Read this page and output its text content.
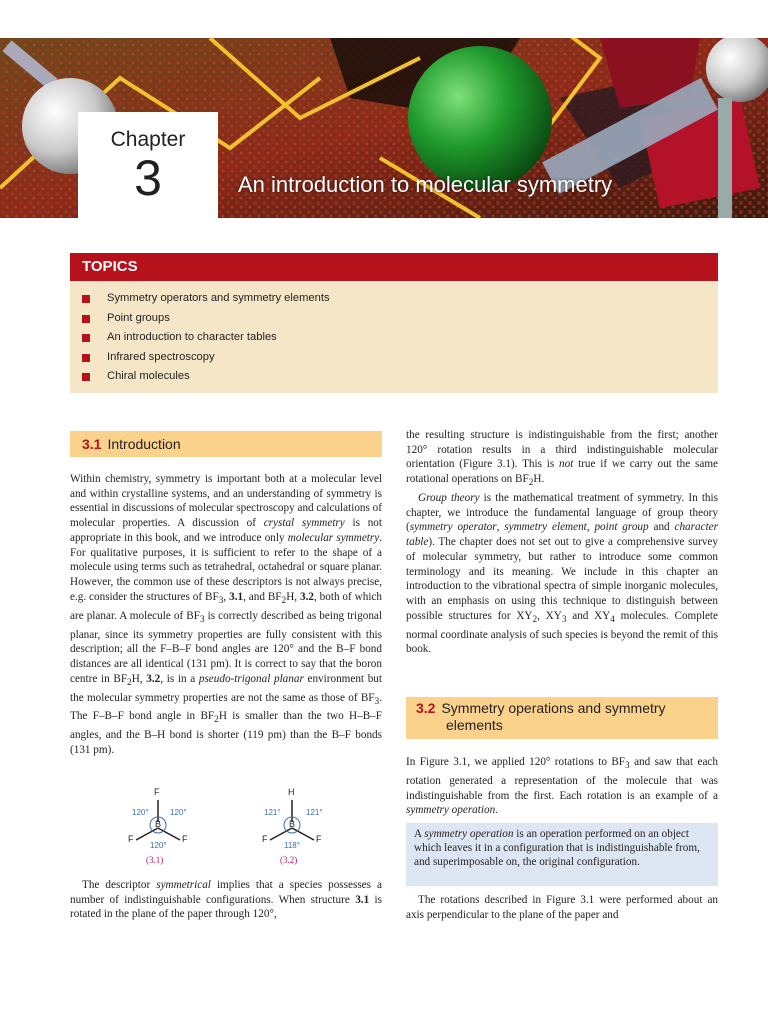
Chapter
3	An introduction to molecular symmetry
TOPICS
Symmetry operators and symmetry elements
Point groups
An introduction to character tables
Infrared spectroscopy
Chiral molecules
3.1 Introduction

Within chemistry, symmetry is important both at a molecular level and within crystalline systems, and an understanding of symmetry is essential in discussions of molecular spectroscopy and calculations of molecular properties. A discussion of crystal symmetry is not appropriate in this book, and we introduce only molecular symmetry. For qualitative purposes, it is sufficient to refer to the shape of a molecule using terms such as tetrahedral, octahedral or square planar. However, the common use of these descriptors is not always precise, e.g. consider the structures of $BF_3$, 3.1, and $BF_2H$, 3.2, both of which are planar. A molecule of $BF_3$ is correctly described as being trigonal planar, since its symmetry properties are fully consistent with this description; all the F–B–F bond angles are 120° and the B–F bond distances are all identical (131 pm). It is correct to say that the boron centre in $BF_2H$, 3.2, is in a pseudo-trigonal planar environment but the molecular symmetry properties are not the same as those of $BF_3$. The F–B–F bond angle in $BF_2H$ is smaller than the two H–B–F angles, and the B–H bond is shorter (119 pm) than the B–F bonds (131 pm).

F
B
F	F
120°	120°
120°
(3.1)
H
B
F	F
121°	121°
118°
(3.2)

The descriptor symmetrical implies that a species possesses a number of indistinguishable configurations. When structure 3.1 is rotated in the plane of the paper through 120°,

the resulting structure is indistinguishable from the first; another 120° rotation results in a third indistinguishable molecular orientation (Figure 3.1). This is not true if we carry out the same rotational operations on $BF_2H$.

Group theory is the mathematical treatment of symmetry. In this chapter, we introduce the fundamental language of group theory (symmetry operator, symmetry element, point group and character table). The chapter does not set out to give a comprehensive survey of molecular symmetry, but rather to introduce some common terminology and its meaning. We include in this chapter an introduction to the vibrational spectra of simple inorganic molecules, with an emphasis on using this technique to distinguish between possible structures for $XY_2$, $XY_3$ and $XY_4$ molecules. Complete normal coordinate analysis of such species is beyond the remit of this book.

3.2 Symmetry operations and symmetry
elements

In Figure 3.1, we applied 120° rotations to $BF_3$ and saw that each rotation generated a representation of the molecule that was indistinguishable from the first. Each rotation is an example of a symmetry operation.

A symmetry operation is an operation performed on an object which leaves it in a configuration that is indistinguishable from, and superimposable on, the original configuration.

The rotations described in Figure 3.1 were performed about an axis perpendicular to the plane of the paper and
